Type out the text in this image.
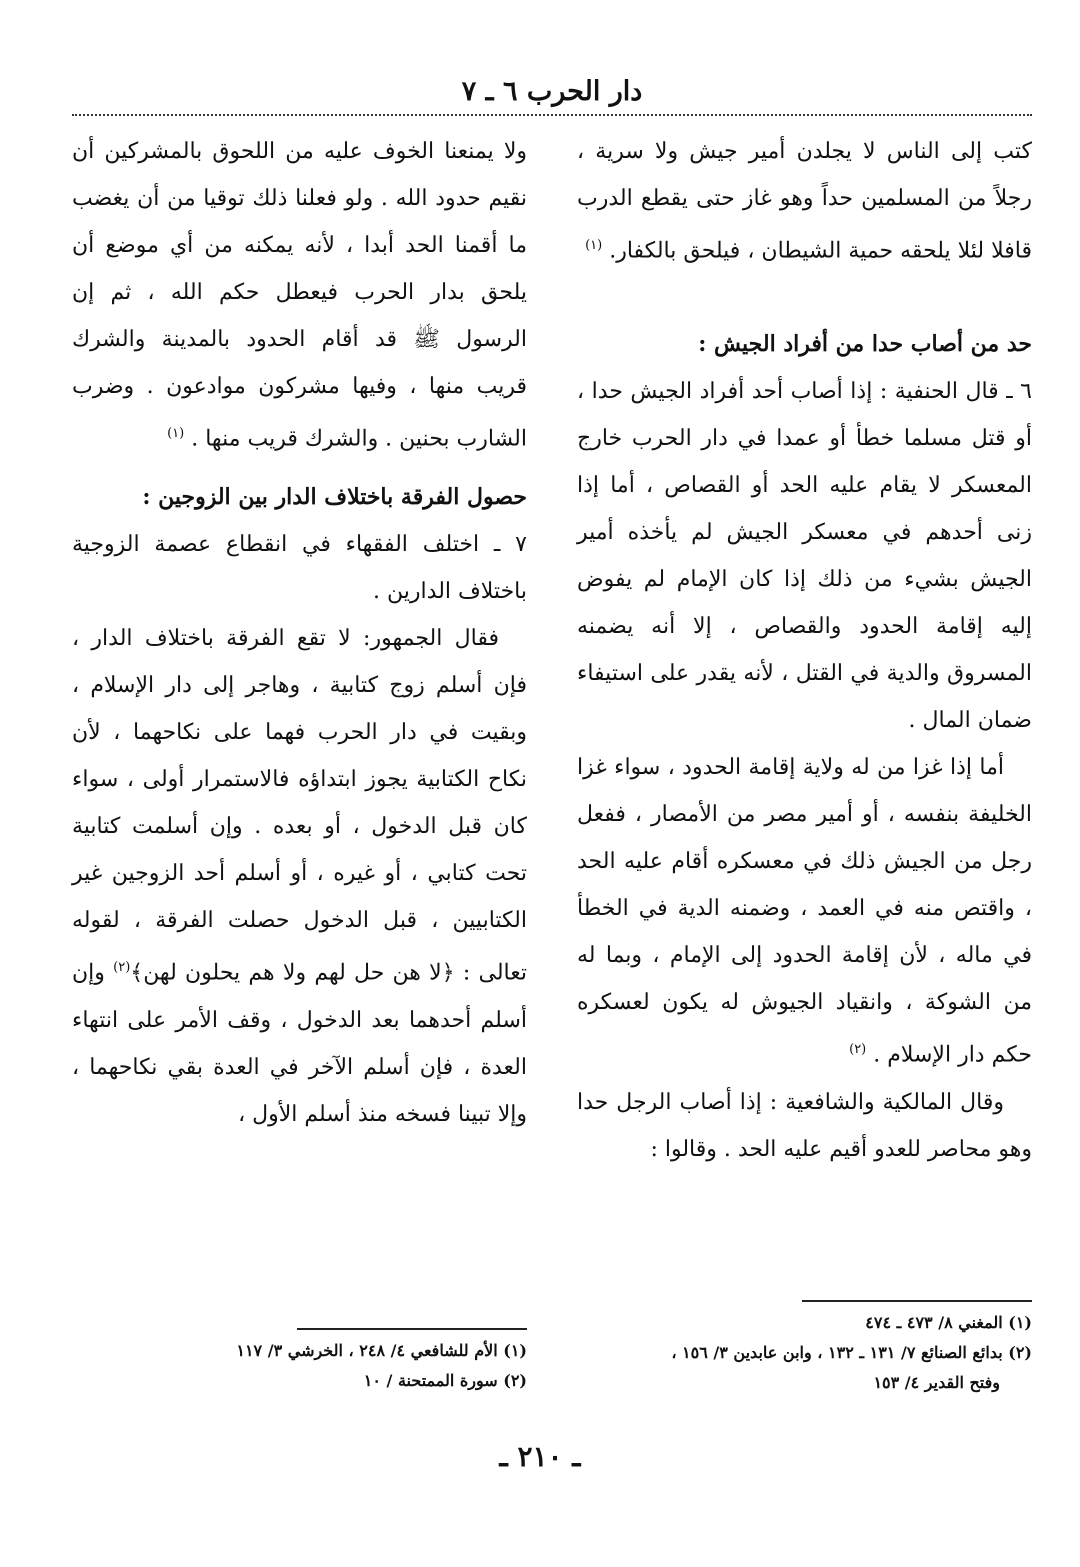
دار الحرب ٦ ـ ٧

كتب إلى الناس لا يجلدن أمير جيش ولا سرية ، رجلاً من المسلمين حداً وهو غاز حتى يقطع الدرب قافلا لئلا يلحقه حمية الشيطان ، فيلحق بالكفار. $^{(١)}$

حد من أصاب حدا من أفراد الجيش :

٦ ـ قال الحنفية : إذا أصاب أحد أفراد الجيش حدا ، أو قتل مسلما خطأ أو عمدا في دار الحرب خارج المعسكر لا يقام عليه الحد أو القصاص ، أما إذا زنى أحدهم في معسكر الجيش لم يأخذه أمير الجيش بشيء من ذلك إذا كان الإمام لم يفوض إليه إقامة الحدود والقصاص ، إلا أنه يضمنه المسروق والدية في القتل ، لأنه يقدر على استيفاء ضمان المال .

أما إذا غزا من له ولاية إقامة الحدود ، سواء غزا الخليفة بنفسه ، أو أمير مصر من الأمصار ، ففعل رجل من الجيش ذلك في معسكره أقام عليه الحد ، واقتص منه في العمد ، وضمنه الدية في الخطأ في ماله ، لأن إقامة الحدود إلى الإمام ، وبما له من الشوكة ، وانقياد الجيوش له يكون لعسكره حكم دار الإسلام . $^{(٢)}$

وقال المالكية والشافعية : إذا أصاب الرجل حدا وهو محاصر للعدو أقيم عليه الحد . وقالوا :

ولا يمنعنا الخوف عليه من اللحوق بالمشركين أن نقيم حدود الله . ولو فعلنا ذلك توقيا من أن يغضب ما أقمنا الحد أبدا ، لأنه يمكنه من أي موضع أن يلحق بدار الحرب فيعطل حكم الله ، ثم إن الرسول ﷺ قد أقام الحدود بالمدينة والشرك قريب منها ، وفيها مشركون موادعون . وضرب الشارب بحنين . والشرك قريب منها . $^{(١)}$

حصول الفرقة باختلاف الدار بين الزوجين :

٧ ـ اختلف الفقهاء في انقطاع عصمة الزوجية باختلاف الدارين .

فقال الجمهور: لا تقع الفرقة باختلاف الدار ، فإن أسلم زوج كتابية ، وهاجر إلى دار الإسلام ، وبقيت في دار الحرب فهما على نكاحهما ، لأن نكاح الكتابية يجوز ابتداؤه فالاستمرار أولى ، سواء كان قبل الدخول ، أو بعده . وإن أسلمت كتابية تحت كتابي ، أو غيره ، أو أسلم أحد الزوجين غير الكتابيين ، قبل الدخول حصلت الفرقة ، لقوله تعالى : ﴿لا هن حل لهم ولا هم يحلون لهن﴾$^{(٢)}$ وإن أسلم أحدهما بعد الدخول ، وقف الأمر على انتهاء العدة ، فإن أسلم الآخر في العدة بقي نكاحهما ، وإلا تبينا فسخه منذ أسلم الأول ،

(١) المغني ٨/ ٤٧٣ ـ ٤٧٤

(٢) بدائع الصنائع ٧/ ١٣١ ـ ١٣٢ ، وابن عابدين ٣/ ١٥٦ ،

وفتح القدير ٤/ ١٥٣

(١) الأم للشافعي ٤/ ٢٤٨ ، الخرشي ٣/ ١١٧

(٢) سورة الممتحنة / ١٠

ـ ٢١٠ ـ
